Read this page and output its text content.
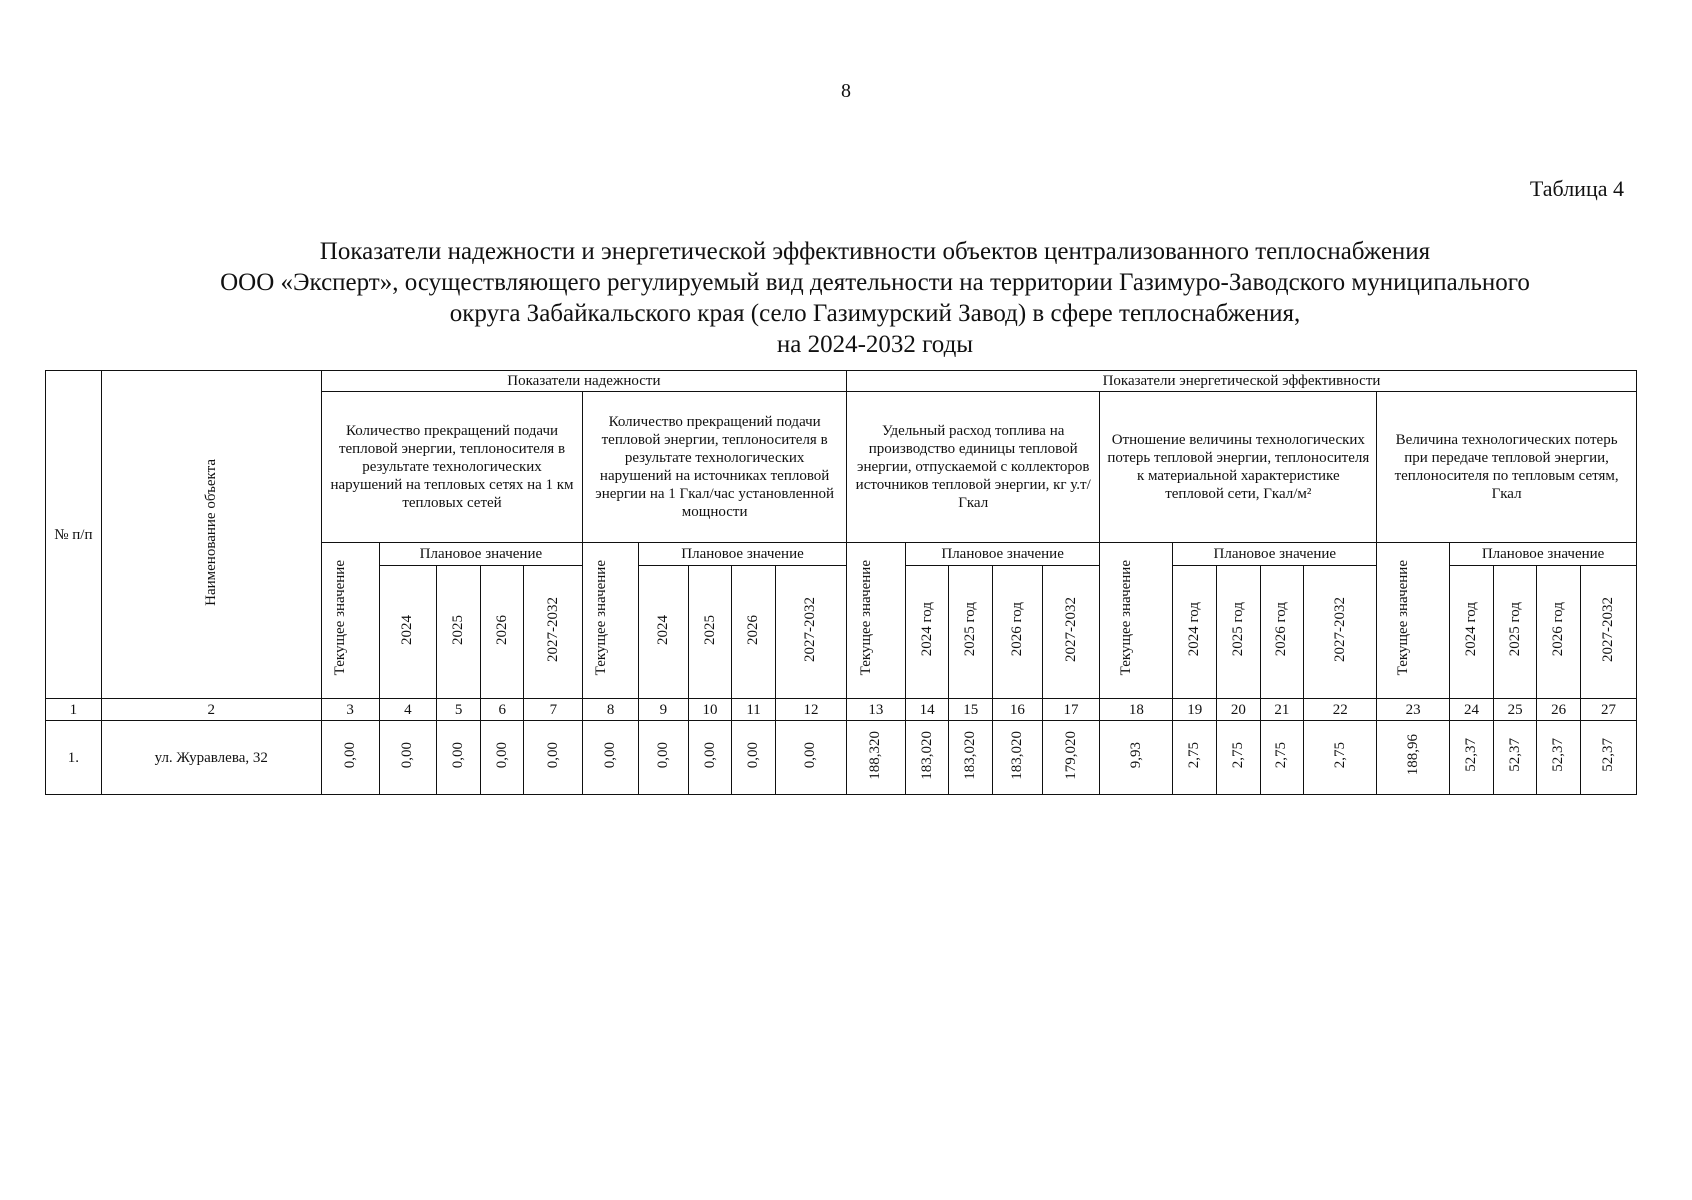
8
Таблица 4
Показатели надежности и энергетической эффективности объектов централизованного теплоснабжения
ООО «Эксперт», осуществляющего регулируемый вид деятельности на территории Газимуро-Заводского муниципального
округа Забайкальского края (село Газимурский Завод) в сфере теплоснабжения,
на 2024-2032 годы
№ п/п	Наименование объекта	Показатели надежности										Показатели энергетической эффективности														
		Количество прекращений подачи тепловой энергии, теплоносителя в результате технологических нарушений на тепловых сетях на 1 км тепловых сетей					Количество прекращений подачи тепловой энергии, теплоносителя в результате технологических нарушений на источниках тепловой энергии на 1 Гкал/час установленной мощности					Удельный расход топлива на производство единицы тепловой энергии, отпускаемой с коллекторов источников тепловой энергии, кг у.т/Гкал					Отношение величины технологических потерь тепловой энергии, теплоносителя к материальной характеристике тепловой сети, Гкал/м²					Величина технологических потерь при передаче тепловой энергии, теплоносителя по тепловым сетям, Гкал				
		Текущее значение	Плановое значение				Текущее значение	Плановое значение				Текущее значение	Плановое значение				Текущее значение	Плановое значение				Текущее значение	Плановое значение			
			2024	2025	2026	2027-2032		2024	2025	2026	2027-2032		2024 год	2025 год	2026 год	2027-2032		2024 год	2025 год	2026 год	2027-2032		2024 год	2025 год	2026 год	2027-2032
1	2	3	4	5	6	7	8	9	10	11	12	13	14	15	16	17	18	19	20	21	22	23	24	25	26	27
1.	ул. Журавлева, 32	0,00	0,00	0,00	0,00	0,00	0,00	0,00	0,00	0,00	0,00	188,320	183,020	183,020	183,020	179,020	9,93	2,75	2,75	2,75	2,75	188,96	52,37	52,37	52,37	52,37
